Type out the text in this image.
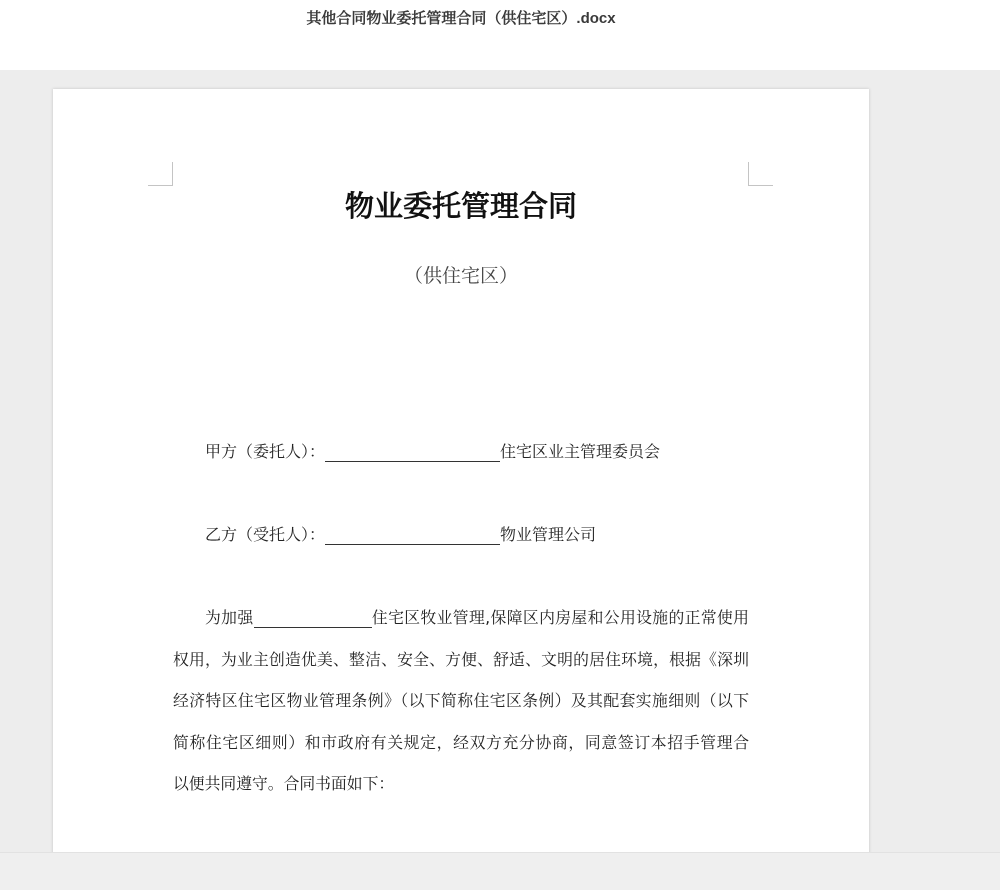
其他合同物业委托管理合同（供住宅区）.docx
物业委托管理合同
（供住宅区）
甲方（委托人）：	住宅区业主管理委员会
乙方（受托人）：	物业管理公司
为加强	住宅区牧业管理,保障区内房屋和公用设施的正常使用
权用，为业主创造优美、整洁、安全、方便、舒适、文明的居住环境，根据《深圳
经济特区住宅区物业管理条例》（以下简称住宅区条例）及其配套实施细则（以下
简称住宅区细则）和市政府有关规定，经双方充分协商，同意签订本招手管理合
以便共同遵守。合同书面如下：
